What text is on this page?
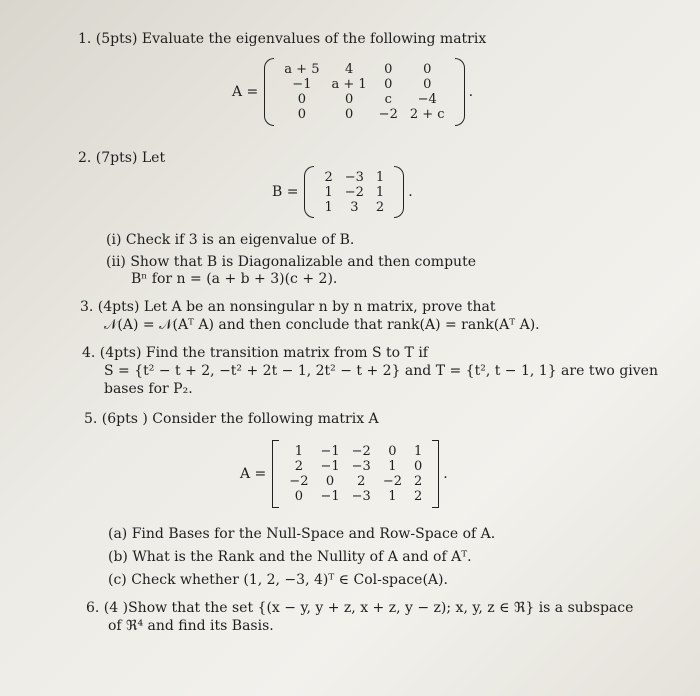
1. (5pts) Evaluate the eigenvalues of the following matrix
A =
a + 5	4	0	0
−1	a + 1	0	0
0	0	c	−4
0	0	−2	2 + c
.
2. (7pts) Let
B =
2	−3	1
1	−2	1
1	3	2
.
(i) Check if 3 is an eigenvalue of B.
(ii) Show that B is Diagonalizable and then compute
Bⁿ for n = (a + b + 3)(c + 2).
3. (4pts) Let A be an nonsingular n by n matrix, prove that
𝒩(A) = 𝒩(Aᵀ A) and then conclude that rank(A) = rank(Aᵀ A).
4. (4pts) Find the transition matrix from S to T if
S = {t² − t + 2, −t² + 2t − 1, 2t² − t + 2} and T = {t², t − 1, 1} are two given
bases for P₂.
5. (6pts ) Consider the following matrix A
A =
1	−1	−2	0	1
2	−1	−3	1	0
−2	0	2	−2	2
0	−1	−3	1	2
.
(a) Find Bases for the Null-Space and Row-Space of A.
(b) What is the Rank and the Nullity of A and of Aᵀ.
(c) Check whether (1, 2, −3, 4)ᵀ ∈ Col-space(A).
6. (4 )Show that the set {(x − y, y + z, x + z, y − z); x, y, z ∈ ℜ} is a subspace
of ℜ⁴ and find its Basis.
